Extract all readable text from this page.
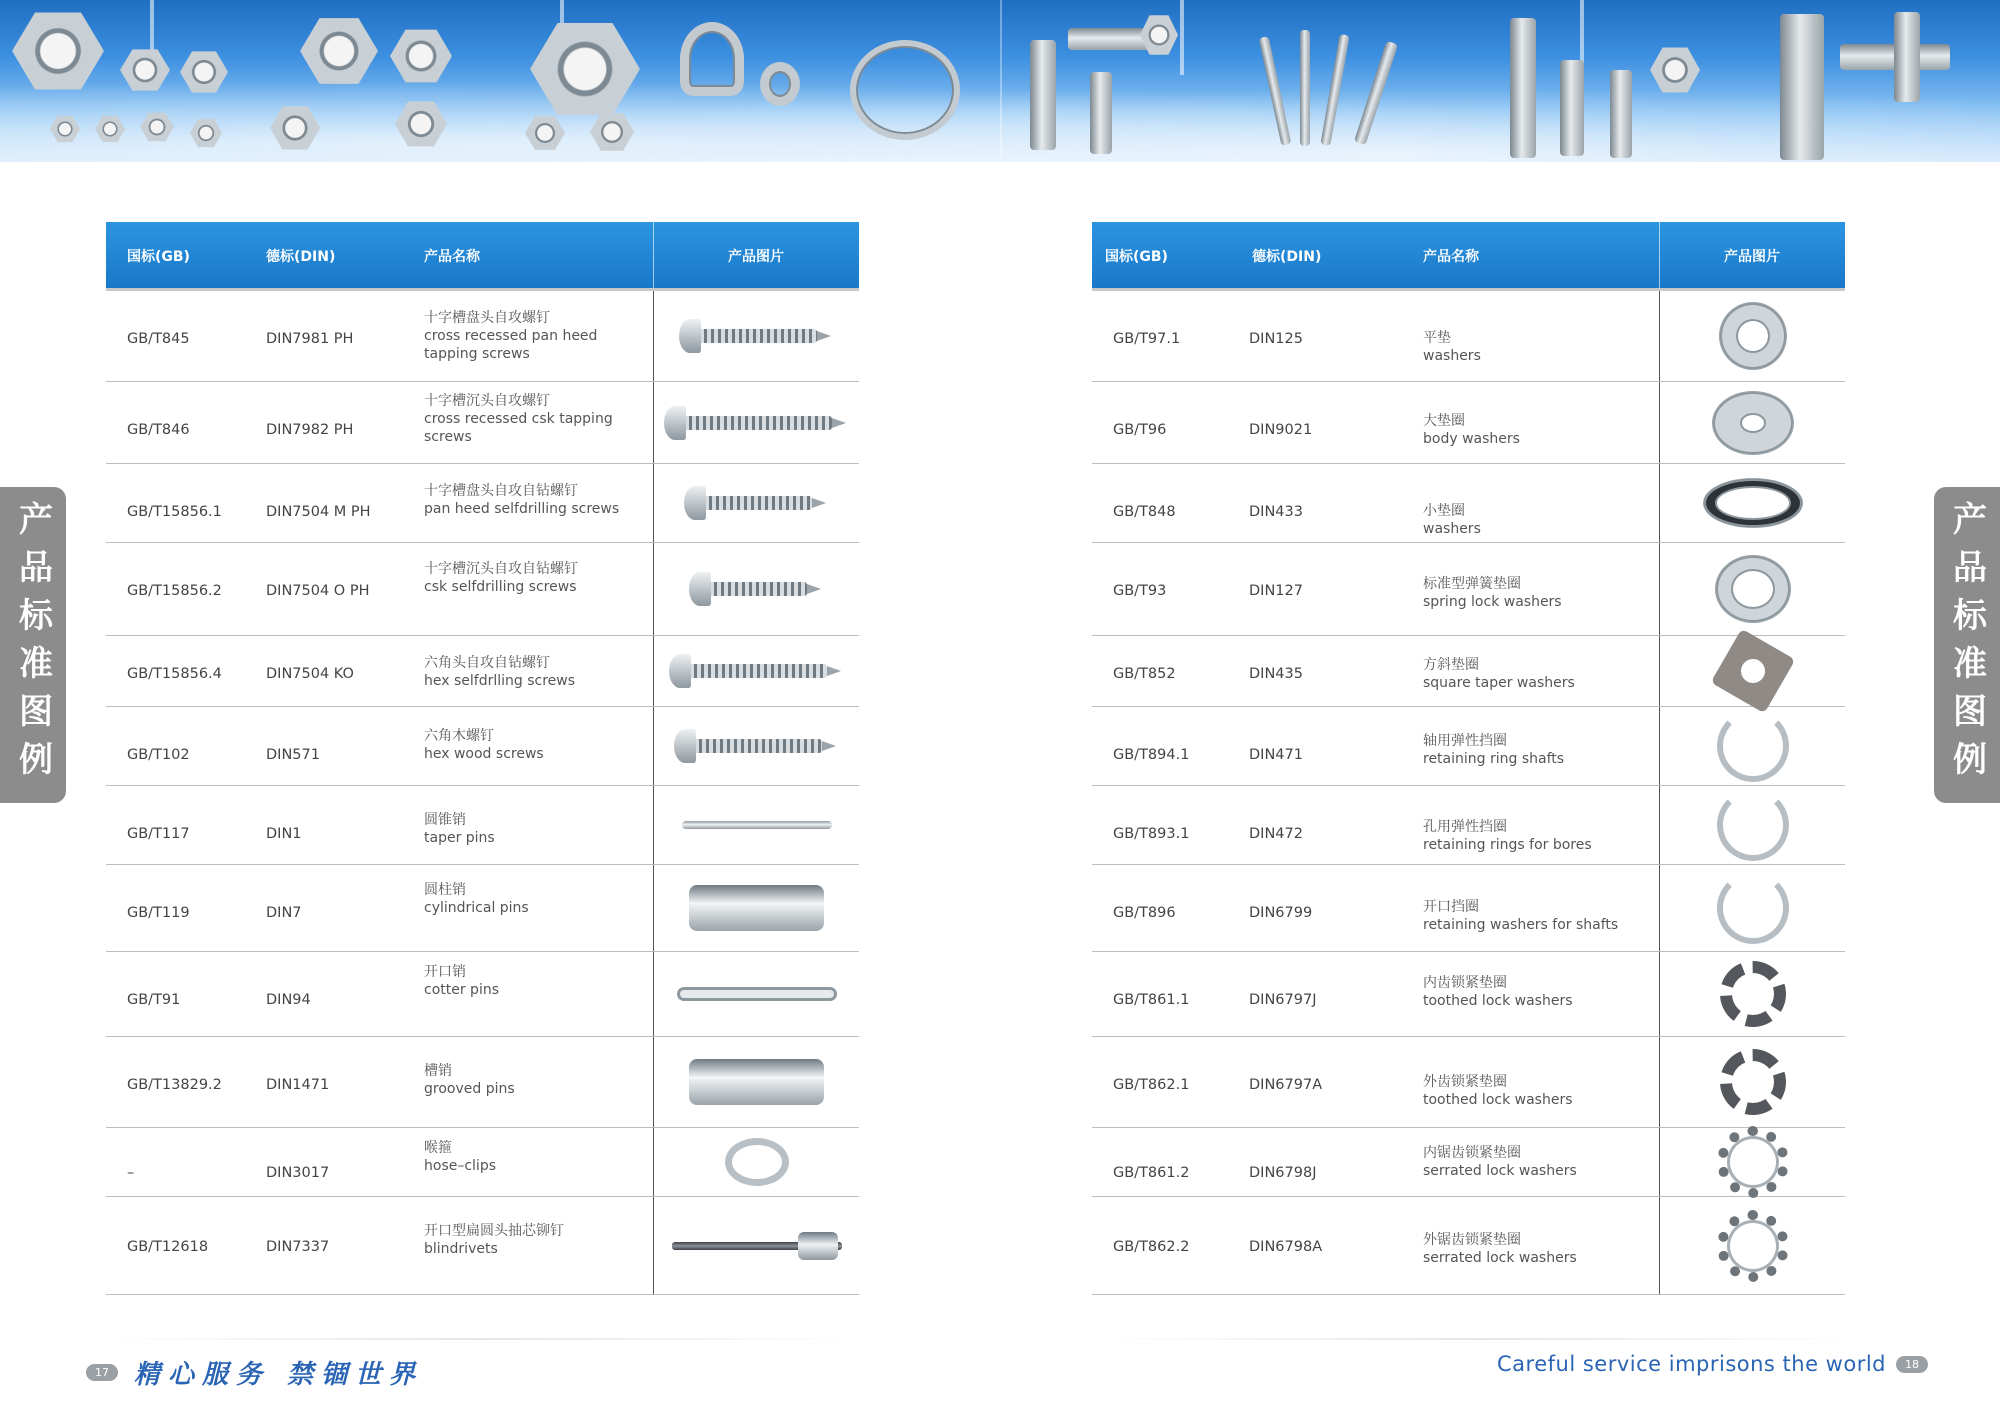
产品标准图例	产品标准图例
国标(GB)	德标(DIN)	产品名称	产品图片
GB/T845	DIN7981 PH
十字槽盘头自攻螺钉
cross recessed pan heed tapping screws
GB/T846	DIN7982 PH
十字槽沉头自攻螺钉
cross recessed csk tapping screws
GB/T15856.1	DIN7504 M PH
十字槽盘头自攻自钻螺钉
pan heed selfdrilling screws
GB/T15856.2	DIN7504 O PH
十字槽沉头自攻自钻螺钉
csk selfdrilling screws
GB/T15856.4	DIN7504 KO
六角头自攻自钻螺钉
hex selfdrlling screws
GB/T102	DIN571
六角木螺钉
hex wood screws
GB/T117	DIN1
圆锥销
taper pins
GB/T119	DIN7
圆柱销
cylindrical pins
GB/T91	DIN94
开口销
cotter pins
GB/T13829.2	DIN1471
槽销
grooved pins
–	DIN3017
喉箍
hose–clips
GB/T12618	DIN7337
开口型扁圆头抽芯铆钉
blindrivets
国标(GB)	德标(DIN)	产品名称	产品图片
GB/T97.1	DIN125	平垫
washers
GB/T96	DIN9021
大垫圈
body washers
GB/T848	DIN433	小垫圈
washers
GB/T93	DIN127	标准型弹簧垫圈
spring lock washers
GB/T852	DIN435
方斜垫圈
square taper washers
GB/T894.1	DIN471
轴用弹性挡圈
retaining ring shafts
GB/T893.1	DIN472	孔用弹性挡圈
retaining rings for bores
GB/T896	DIN6799	开口挡圈
retaining washers for shafts
GB/T861.1	DIN6797J
内齿锁紧垫圈
toothed lock washers
GB/T862.1	DIN6797A	外齿锁紧垫圈
toothed lock washers
GB/T861.2	DIN6798J
内锯齿锁紧垫圈
serrated lock washers
GB/T862.2	DIN6798A	外锯齿锁紧垫圈
serrated lock washers
17 精心服务 禁锢世界	Careful service imprisons the world	18
